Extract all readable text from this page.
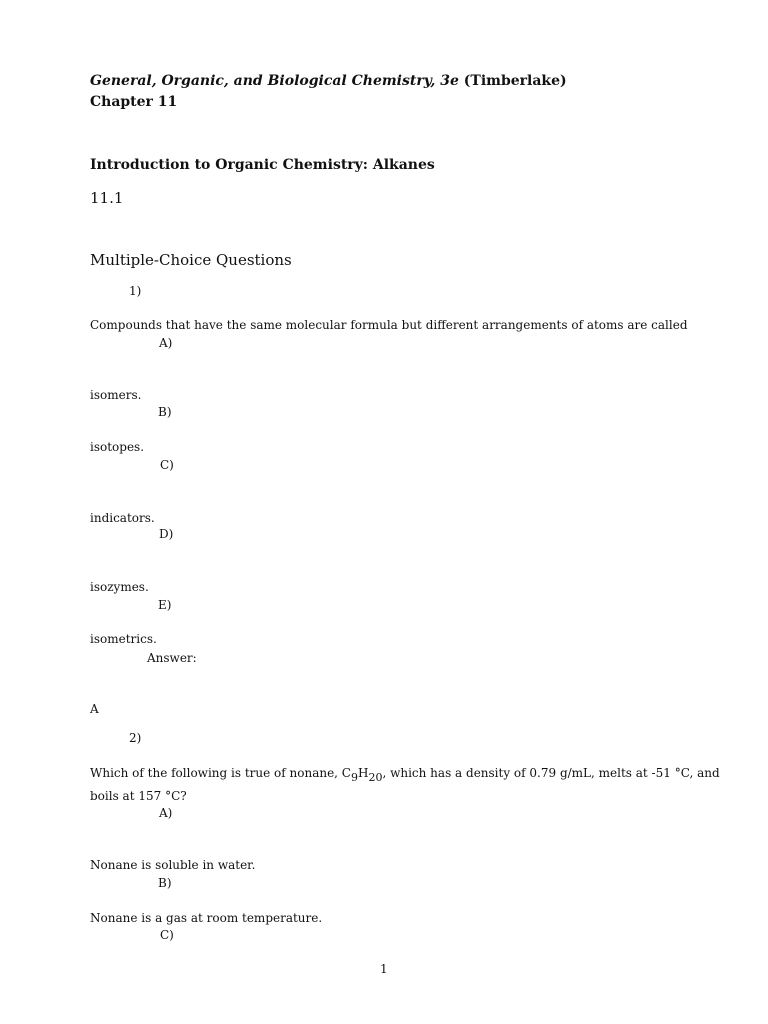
General, Organic, and Biological Chemistry, 3e (Timberlake)
Chapter 11
Introduction to Organic Chemistry: Alkanes
11.1
Multiple-Choice Questions
1)
Compounds that have the same molecular formula but different arrangements of atoms are called
A)
isomers.
B)
isotopes.
C)
indicators.
D)
isozymes.
E)
isometrics.
Answer:
A
2)
Which of the following is true of nonane, C9H20, which has a density of 0.79 g/mL, melts at -51 °C, and
boils at 157 °C?
A)
Nonane is soluble in water.
B)
Nonane is a gas at room temperature.
C)
1
